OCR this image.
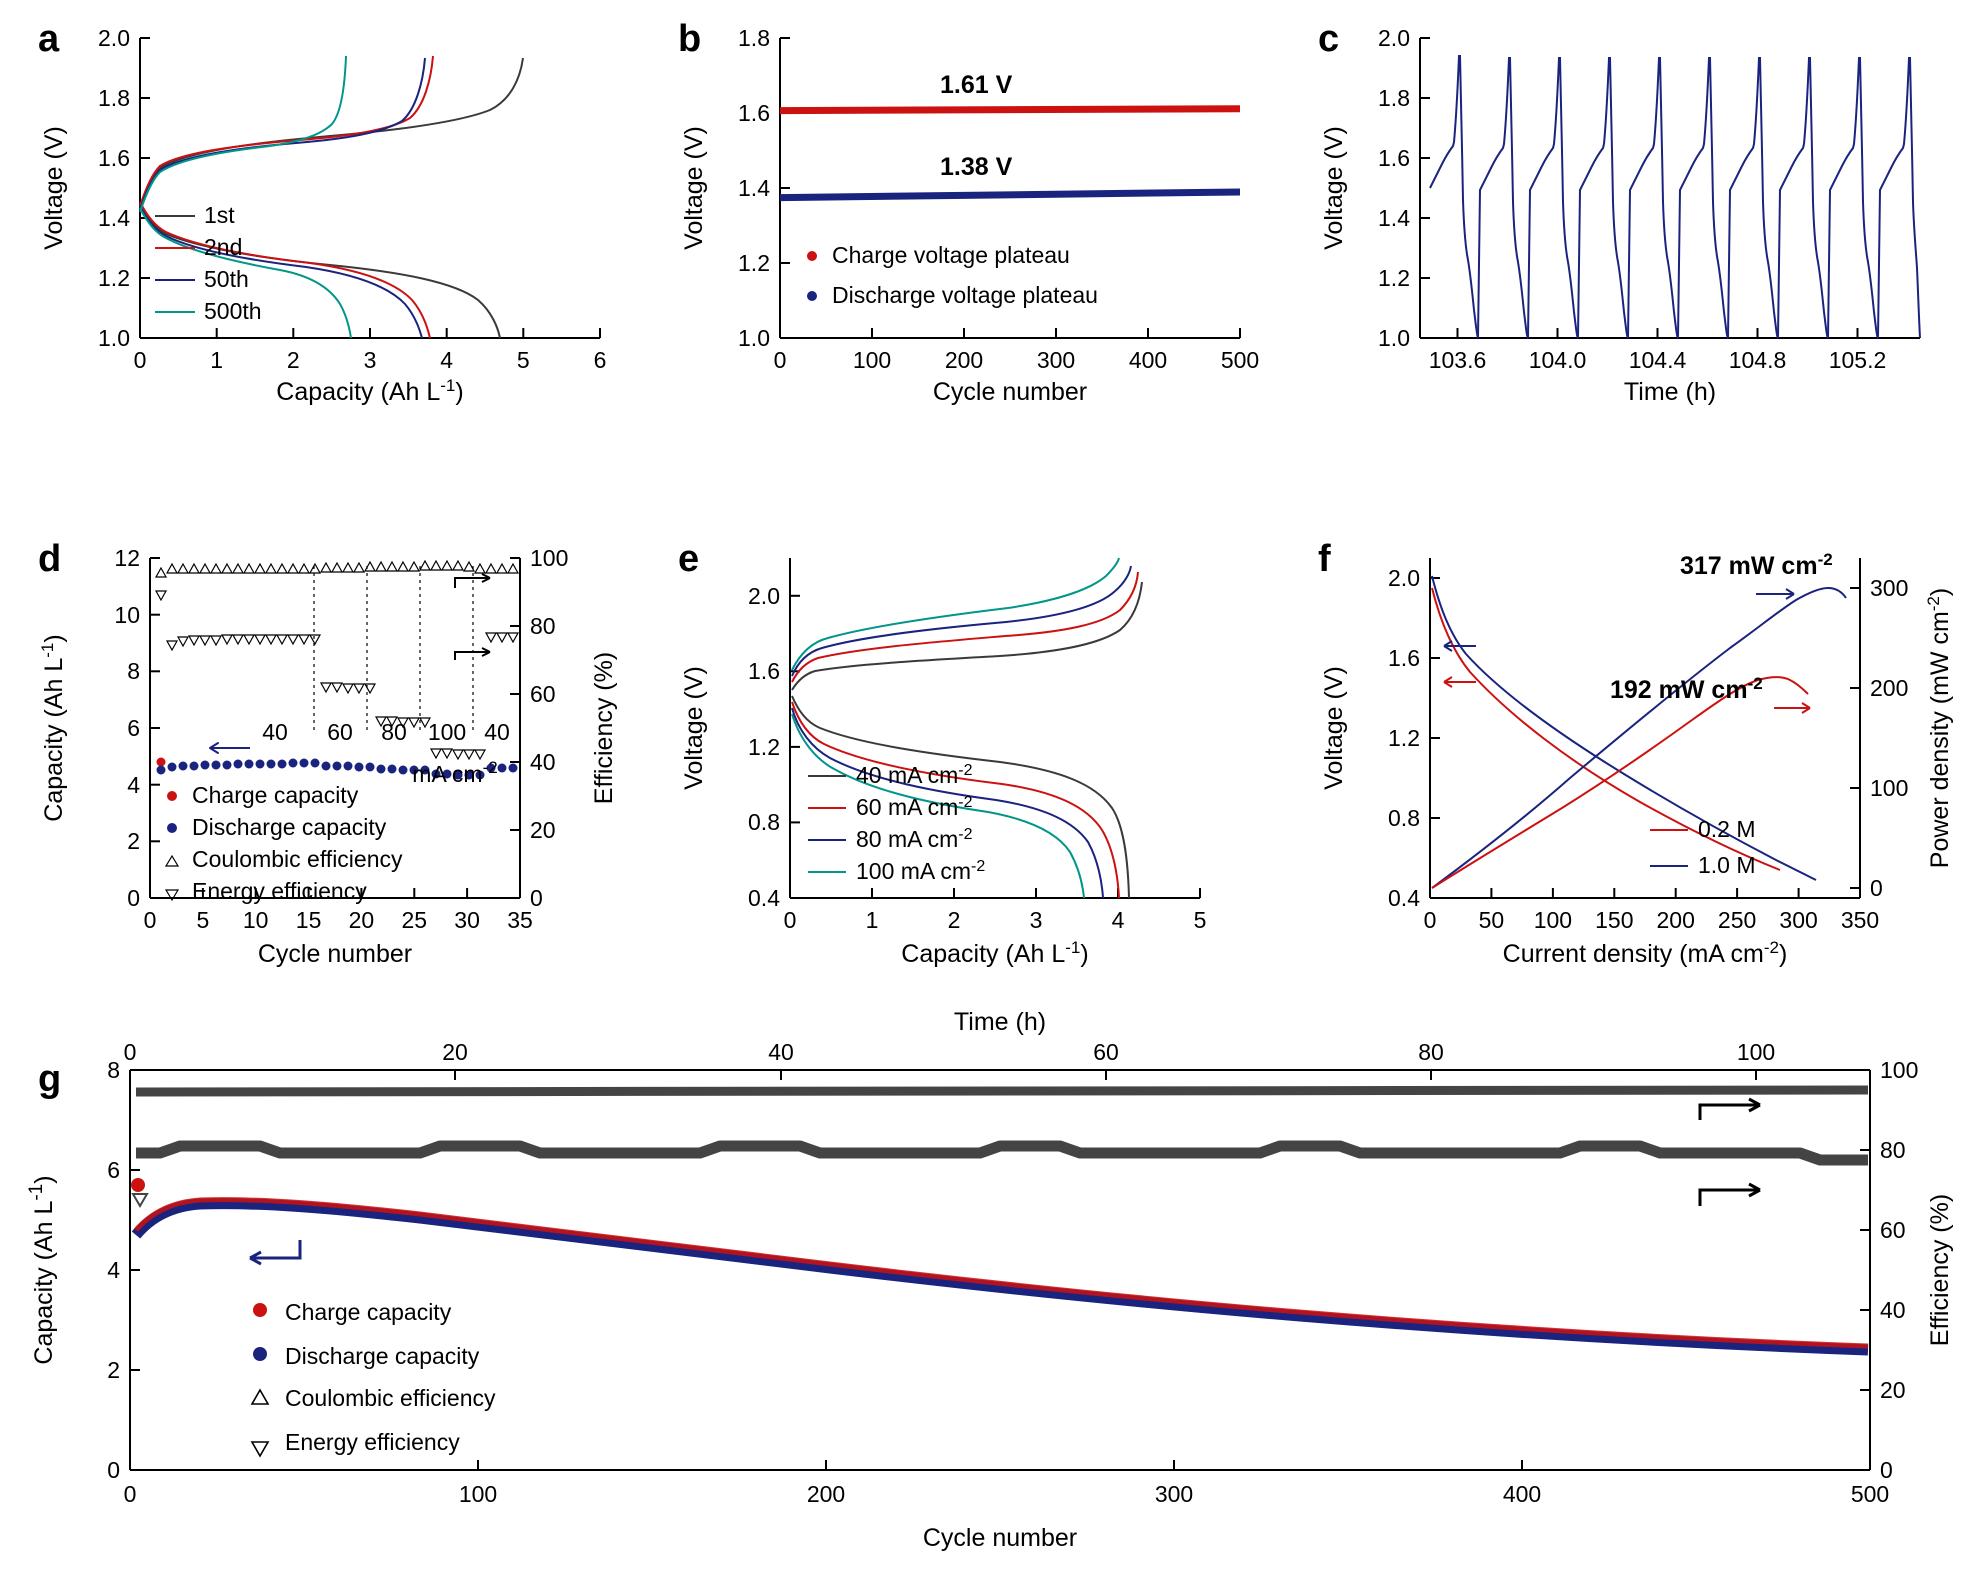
a
0	1	2	3	4	5	6
1.0
1.2
1.4
1.6
1.8
2.0
1st
2nd
50th
500th
Capacity (Ah $L^{-1}$)
Voltage (V)
b
0	100 200 300 400 500
1.0
1.2
1.4
1.6
1.8
1.61 V
1.38 V
Charge voltage plateau
Discharge voltage plateau
Cycle number
Voltage (V)
c
103.6 104.0 104.4 104.8 105.2
1.0
1.2
1.4
1.6
1.8
2.0
Time (h)
Voltage (V)
d
0 5 10 15 20 25 30 35
0
2
4
6
8
10
12
0
20
40
60
80
100
40 60 80 100 40
mA $cm^{-2}$
Charge capacity
Discharge capacity
Coulombic efficiency
Energy efficiency
Cycle number
Capacity (Ah $L^{-1}$)
Efficiency (%)
e
0	1	2	3	4	5
0.4
0.8
1.2
1.6
2.0
40 mA $cm^{-2}$
60 mA $cm^{-2}$
80 mA $cm^{-2}$
100 mA $cm^{-2}$
Capacity (Ah $L^{-1}$)
Voltage (V)
f
0 50 100 150 200 250 300 350
0.4
0.8
1.2
1.6
2.0
0
100
200
300
317 mW $cm^{-2}$
192 mW $cm^{-2}$
0.2 M
1.0 M
Current density (mA $cm^{-2}$)
Voltage (V)	Power density (mW $cm^{-2}$)
g
0	100	200	300	400	500
0	20	40	60	80	100
0
2
4
6
8
0
20
40
60
80
100
Charge capacity
Discharge capacity
Coulombic efficiency
Energy efficiency
Cycle number
Time (h)
Capacity (Ah $L^{-1}$)
Efficiency (%)
